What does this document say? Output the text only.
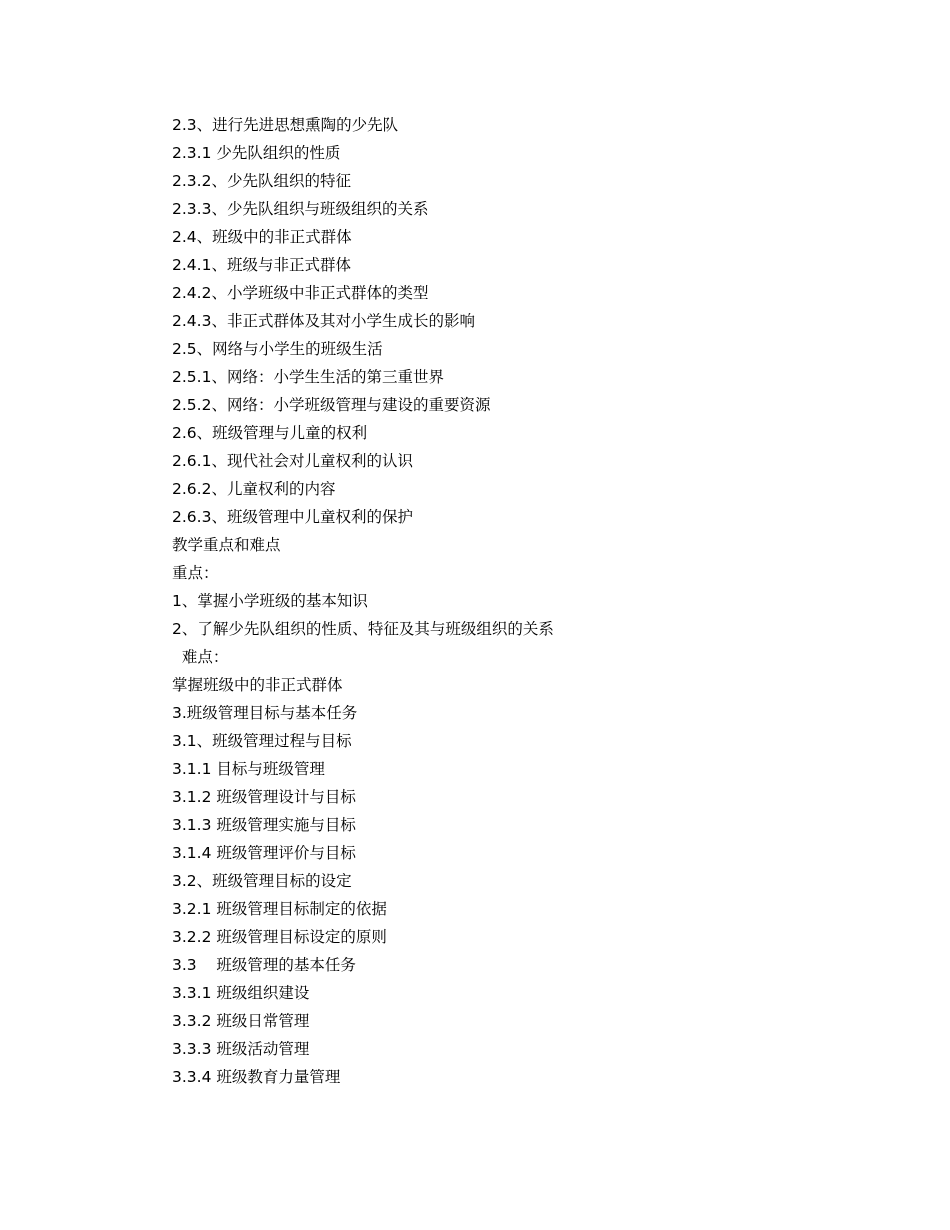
2.3、进行先进思想熏陶的少先队

2.3.1 少先队组织的性质

2.3.2、少先队组织的特征

2.3.3、少先队组织与班级组织的关系

2.4、班级中的非正式群体

2.4.1、班级与非正式群体

2.4.2、小学班级中非正式群体的类型

2.4.3、非正式群体及其对小学生成长的影响

2.5、网络与小学生的班级生活

2.5.1、网络：小学生生活的第三重世界

2.5.2、网络：小学班级管理与建设的重要资源

2.6、班级管理与儿童的权利

2.6.1、现代社会对儿童权利的认识

2.6.2、儿童权利的内容

2.6.3、班级管理中儿童权利的保护

教学重点和难点

重点：

1、掌握小学班级的基本知识

2、了解少先队组织的性质、特征及其与班级组织的关系

难点：

掌握班级中的非正式群体

3.班级管理目标与基本任务

3.1、班级管理过程与目标

3.1.1 目标与班级管理

3.1.2 班级管理设计与目标

3.1.3 班级管理实施与目标

3.1.4 班级管理评价与目标

3.2、班级管理目标的设定

3.2.1 班级管理目标制定的依据

3.2.2 班级管理目标设定的原则

3.3    班级管理的基本任务

3.3.1 班级组织建设

3.3.2 班级日常管理

3.3.3 班级活动管理

3.3.4 班级教育力量管理
